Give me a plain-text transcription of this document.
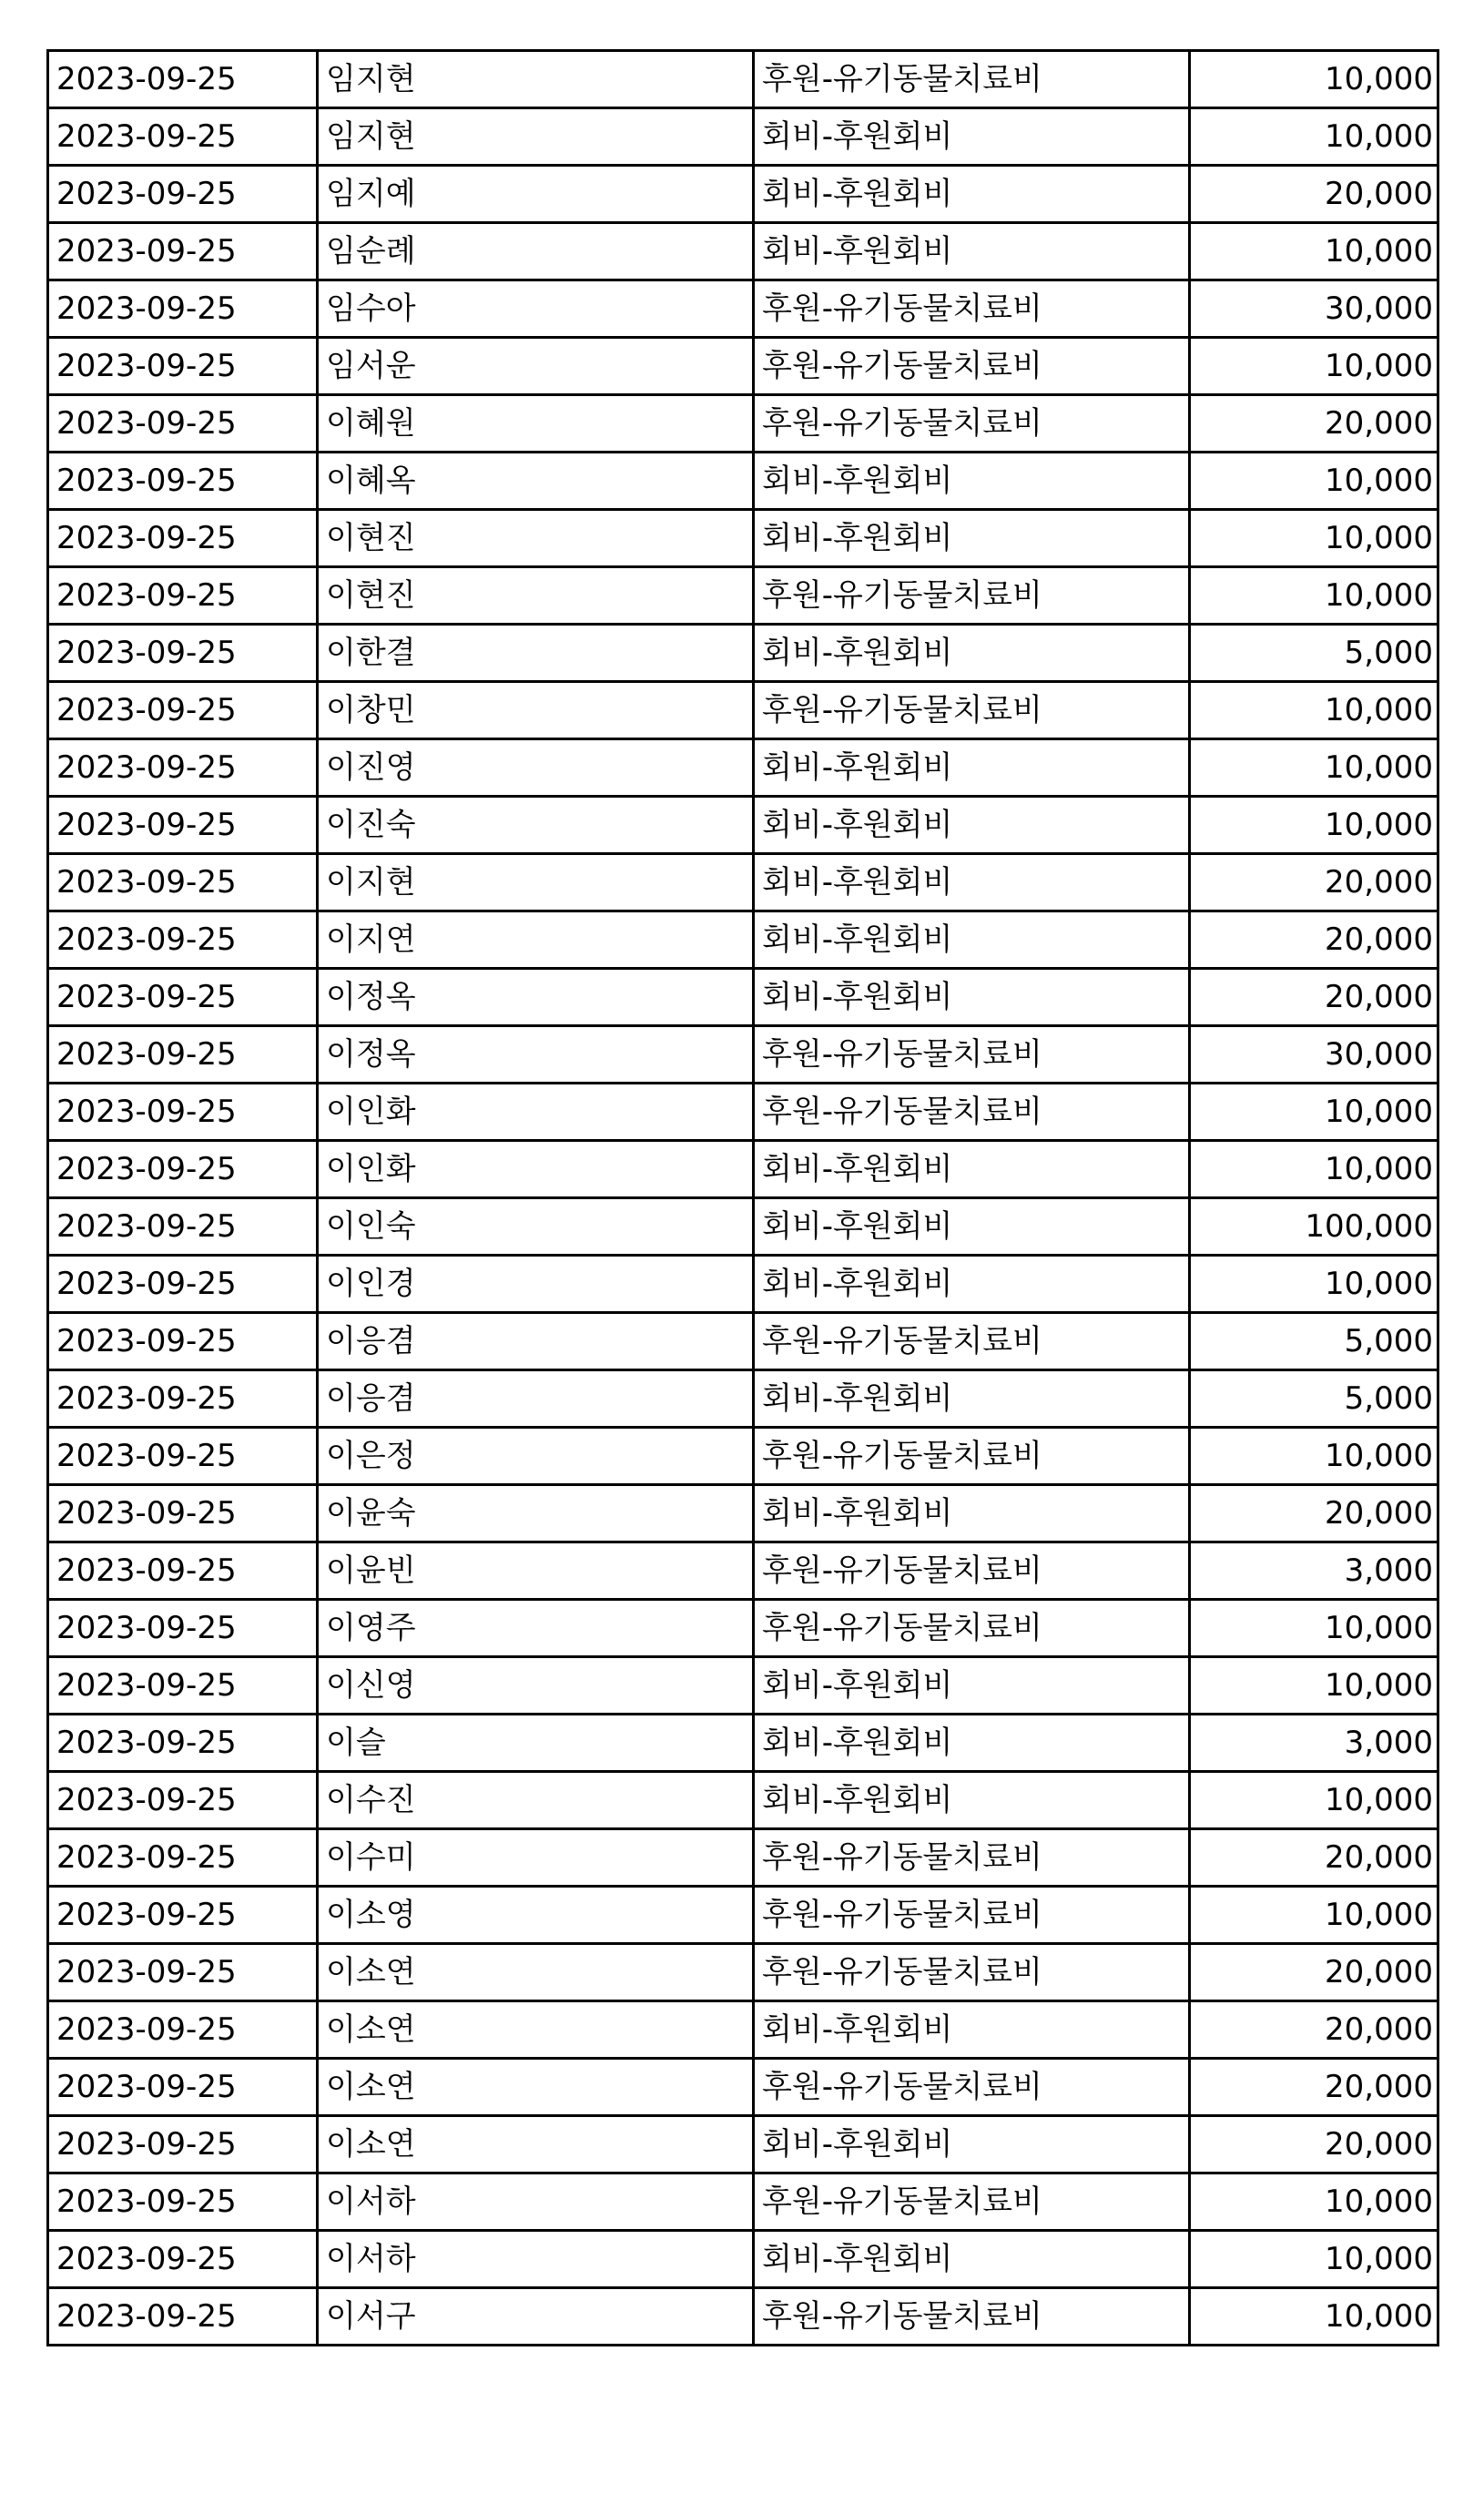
2023-09-25	임지현	후원-유기동물치료비	10,000
2023-09-25	임지현	회비-후원회비	10,000
2023-09-25	임지예	회비-후원회비	20,000
2023-09-25	임순례	회비-후원회비	10,000
2023-09-25	임수아	후원-유기동물치료비	30,000
2023-09-25	임서운	후원-유기동물치료비	10,000
2023-09-25	이혜원	후원-유기동물치료비	20,000
2023-09-25	이혜옥	회비-후원회비	10,000
2023-09-25	이현진	회비-후원회비	10,000
2023-09-25	이현진	후원-유기동물치료비	10,000
2023-09-25	이한결	회비-후원회비	5,000
2023-09-25	이창민	후원-유기동물치료비	10,000
2023-09-25	이진영	회비-후원회비	10,000
2023-09-25	이진숙	회비-후원회비	10,000
2023-09-25	이지현	회비-후원회비	20,000
2023-09-25	이지연	회비-후원회비	20,000
2023-09-25	이정옥	회비-후원회비	20,000
2023-09-25	이정옥	후원-유기동물치료비	30,000
2023-09-25	이인화	후원-유기동물치료비	10,000
2023-09-25	이인화	회비-후원회비	10,000
2023-09-25	이인숙	회비-후원회비	100,000
2023-09-25	이인경	회비-후원회비	10,000
2023-09-25	이응겸	후원-유기동물치료비	5,000
2023-09-25	이응겸	회비-후원회비	5,000
2023-09-25	이은정	후원-유기동물치료비	10,000
2023-09-25	이윤숙	회비-후원회비	20,000
2023-09-25	이윤빈	후원-유기동물치료비	3,000
2023-09-25	이영주	후원-유기동물치료비	10,000
2023-09-25	이신영	회비-후원회비	10,000
2023-09-25	이슬	회비-후원회비	3,000
2023-09-25	이수진	회비-후원회비	10,000
2023-09-25	이수미	후원-유기동물치료비	20,000
2023-09-25	이소영	후원-유기동물치료비	10,000
2023-09-25	이소연	후원-유기동물치료비	20,000
2023-09-25	이소연	회비-후원회비	20,000
2023-09-25	이소연	후원-유기동물치료비	20,000
2023-09-25	이소연	회비-후원회비	20,000
2023-09-25	이서하	후원-유기동물치료비	10,000
2023-09-25	이서하	회비-후원회비	10,000
2023-09-25	이서구	후원-유기동물치료비	10,000
